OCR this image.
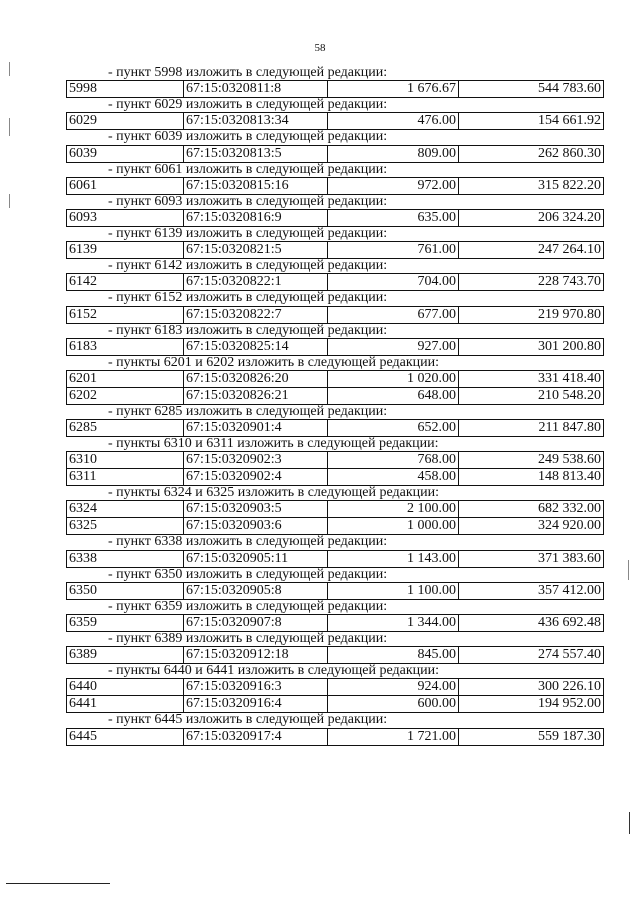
58
- пункт 5998 изложить в следующей редакции:
5998	67:15:0320811:8	1 676.67	544 783.60
- пункт 6029 изложить в следующей редакции:
6029	67:15:0320813:34	476.00	154 661.92
- пункт 6039 изложить в следующей редакции:
6039	67:15:0320813:5	809.00	262 860.30
- пункт 6061 изложить в следующей редакции:
6061	67:15:0320815:16	972.00	315 822.20
- пункт 6093 изложить в следующей редакции:
6093	67:15:0320816:9	635.00	206 324.20
- пункт 6139 изложить в следующей редакции:
6139	67:15:0320821:5	761.00	247 264.10
- пункт 6142 изложить в следующей редакции:
6142	67:15:0320822:1	704.00	228 743.70
- пункт 6152 изложить в следующей редакции:
6152	67:15:0320822:7	677.00	219 970.80
- пункт 6183 изложить в следующей редакции:
6183	67:15:0320825:14	927.00	301 200.80
- пункты 6201 и 6202 изложить в следующей редакции:
6201	67:15:0320826:20	1 020.00	331 418.40
6202	67:15:0320826:21	648.00	210 548.20
- пункт 6285 изложить в следующей редакции:
6285	67:15:0320901:4	652.00	211 847.80
- пункты 6310 и 6311 изложить в следующей редакции:
6310	67:15:0320902:3	768.00	249 538.60
6311	67:15:0320902:4	458.00	148 813.40
- пункты 6324 и 6325 изложить в следующей редакции:
6324	67:15:0320903:5	2 100.00	682 332.00
6325	67:15:0320903:6	1 000.00	324 920.00
- пункт 6338 изложить в следующей редакции:
6338	67:15:0320905:11	1 143.00	371 383.60
- пункт 6350 изложить в следующей редакции:
6350	67:15:0320905:8	1 100.00	357 412.00
- пункт 6359 изложить в следующей редакции:
6359	67:15:0320907:8	1 344.00	436 692.48
- пункт 6389 изложить в следующей редакции:
6389	67:15:0320912:18	845.00	274 557.40
- пункты 6440 и 6441 изложить в следующей редакции:
6440	67:15:0320916:3	924.00	300 226.10
6441	67:15:0320916:4	600.00	194 952.00
- пункт 6445 изложить в следующей редакции:
6445	67:15:0320917:4	1 721.00	559 187.30
